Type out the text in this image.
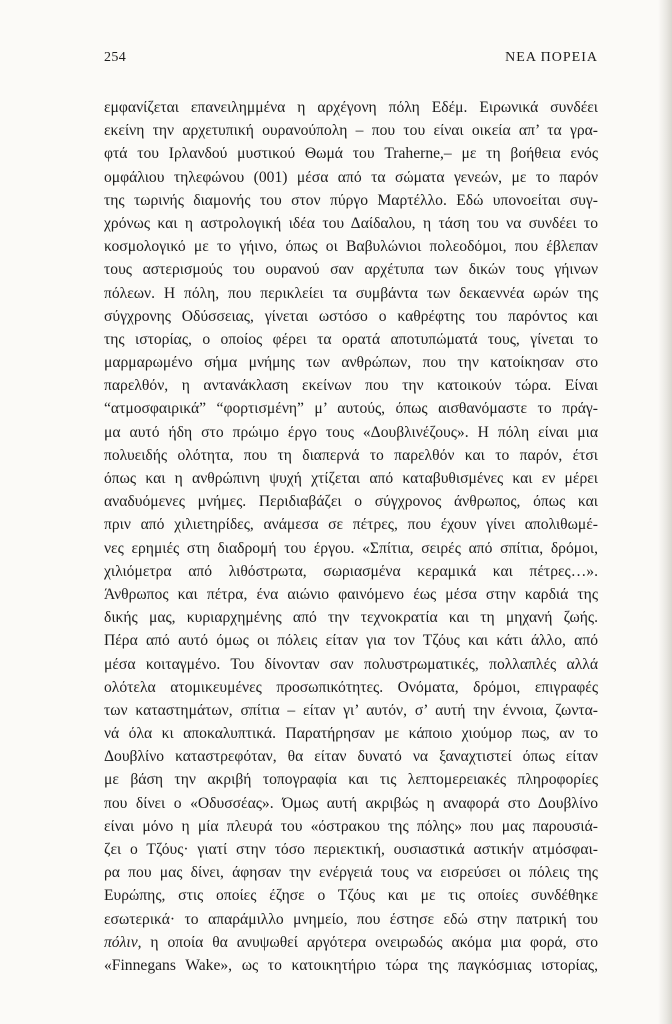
254	ΝΕΑ ΠΟΡΕΙΑ
εμφανίζεται επανειλημμένα η αρχέγονη πόλη Εδέμ. Ειρωνικά συνδέει
εκείνη την αρχετυπική ουρανούπολη – που του είναι οικεία απ’ τα γρα-
φτά του Ιρλανδού μυστικού Θωμά του Traherne,– με τη βοήθεια ενός
ομφάλιου τηλεφώνου (001) μέσα από τα σώματα γενεών, με το παρόν
της τωρινής διαμονής του στον πύργο Μαρτέλλο. Εδώ υπονοείται συγ-
χρόνως και η αστρολογική ιδέα του Δαίδαλου, η τάση του να συνδέει το
κοσμολογικό με το γήινο, όπως οι Βαβυλώνιοι πολεοδόμοι, που έβλεπαν
τους αστερισμούς του ουρανού σαν αρχέτυπα των δικών τους γήινων
πόλεων. Η πόλη, που περικλείει τα συμβάντα των δεκαεννέα ωρών της
σύγχρονης Οδύσσειας, γίνεται ωστόσο ο καθρέφτης του παρόντος και
της ιστορίας, ο οποίος φέρει τα ορατά αποτυπώματά τους, γίνεται το
μαρμαρωμένο σήμα μνήμης των ανθρώπων, που την κατοίκησαν στο
παρελθόν, η αντανάκλαση εκείνων που την κατοικούν τώρα. Είναι
“ατμοσφαιρικά” “φορτισμένη” μ’ αυτούς, όπως αισθανόμαστε το πράγ-
μα αυτό ήδη στο πρώιμο έργο τους «Δουβλινέζους». Η πόλη είναι μια
πολυειδής ολότητα, που τη διαπερνά το παρελθόν και το παρόν, έτσι
όπως και η ανθρώπινη ψυχή χτίζεται από καταβυθισμένες και εν μέρει
αναδυόμενες μνήμες. Περιδιαβάζει ο σύγχρονος άνθρωπος, όπως και
πριν από χιλιετηρίδες, ανάμεσα σε πέτρες, που έχουν γίνει απολιθωμέ-
νες ερημιές στη διαδρομή του έργου. «Σπίτια, σειρές από σπίτια, δρόμοι,
χιλιόμετρα από λιθόστρωτα, σωριασμένα κεραμικά και πέτρες…».
Άνθρωπος και πέτρα, ένα αιώνιο φαινόμενο έως μέσα στην καρδιά της
δικής μας, κυριαρχημένης από την τεχνοκρατία και τη μηχανή ζωής.
Πέρα από αυτό όμως οι πόλεις είταν για τον Τζόυς και κάτι άλλο, από
μέσα κοιταγμένο. Του δίνονταν σαν πολυστρωματικές, πολλαπλές αλλά
ολότελα ατομικευμένες προσωπικότητες. Ονόματα, δρόμοι, επιγραφές
των καταστημάτων, σπίτια – είταν γι’ αυτόν, σ’ αυτή την έννοια, ζωντα-
νά όλα κι αποκαλυπτικά. Παρατήρησαν με κάποιο χιούμορ πως, αν το
Δουβλίνο καταστρεφόταν, θα είταν δυνατό να ξαναχτιστεί όπως είταν
με βάση την ακριβή τοπογραφία και τις λεπτομερειακές πληροφορίες
που δίνει ο «Οδυσσέας». Όμως αυτή ακριβώς η αναφορά στο Δουβλίνο
είναι μόνο η μία πλευρά του «όστρακου της πόλης» που μας παρουσιά-
ζει ο Τζόυς· γιατί στην τόσο περιεκτική, ουσιαστικά αστικήν ατμόσφαι-
ρα που μας δίνει, άφησαν την ενέργειά τους να εισρεύσει οι πόλεις της
Ευρώπης, στις οποίες έζησε ο Τζόυς και με τις οποίες συνδέθηκε
εσωτερικά· το απαράμιλλο μνημείο, που έστησε εδώ στην πατρική του
πόλιν, η οποία θα ανυψωθεί αργότερα ονειρωδώς ακόμα μια φορά, στο
«Finnegans Wake», ως το κατοικητήριο τώρα της παγκόσμιας ιστορίας,
